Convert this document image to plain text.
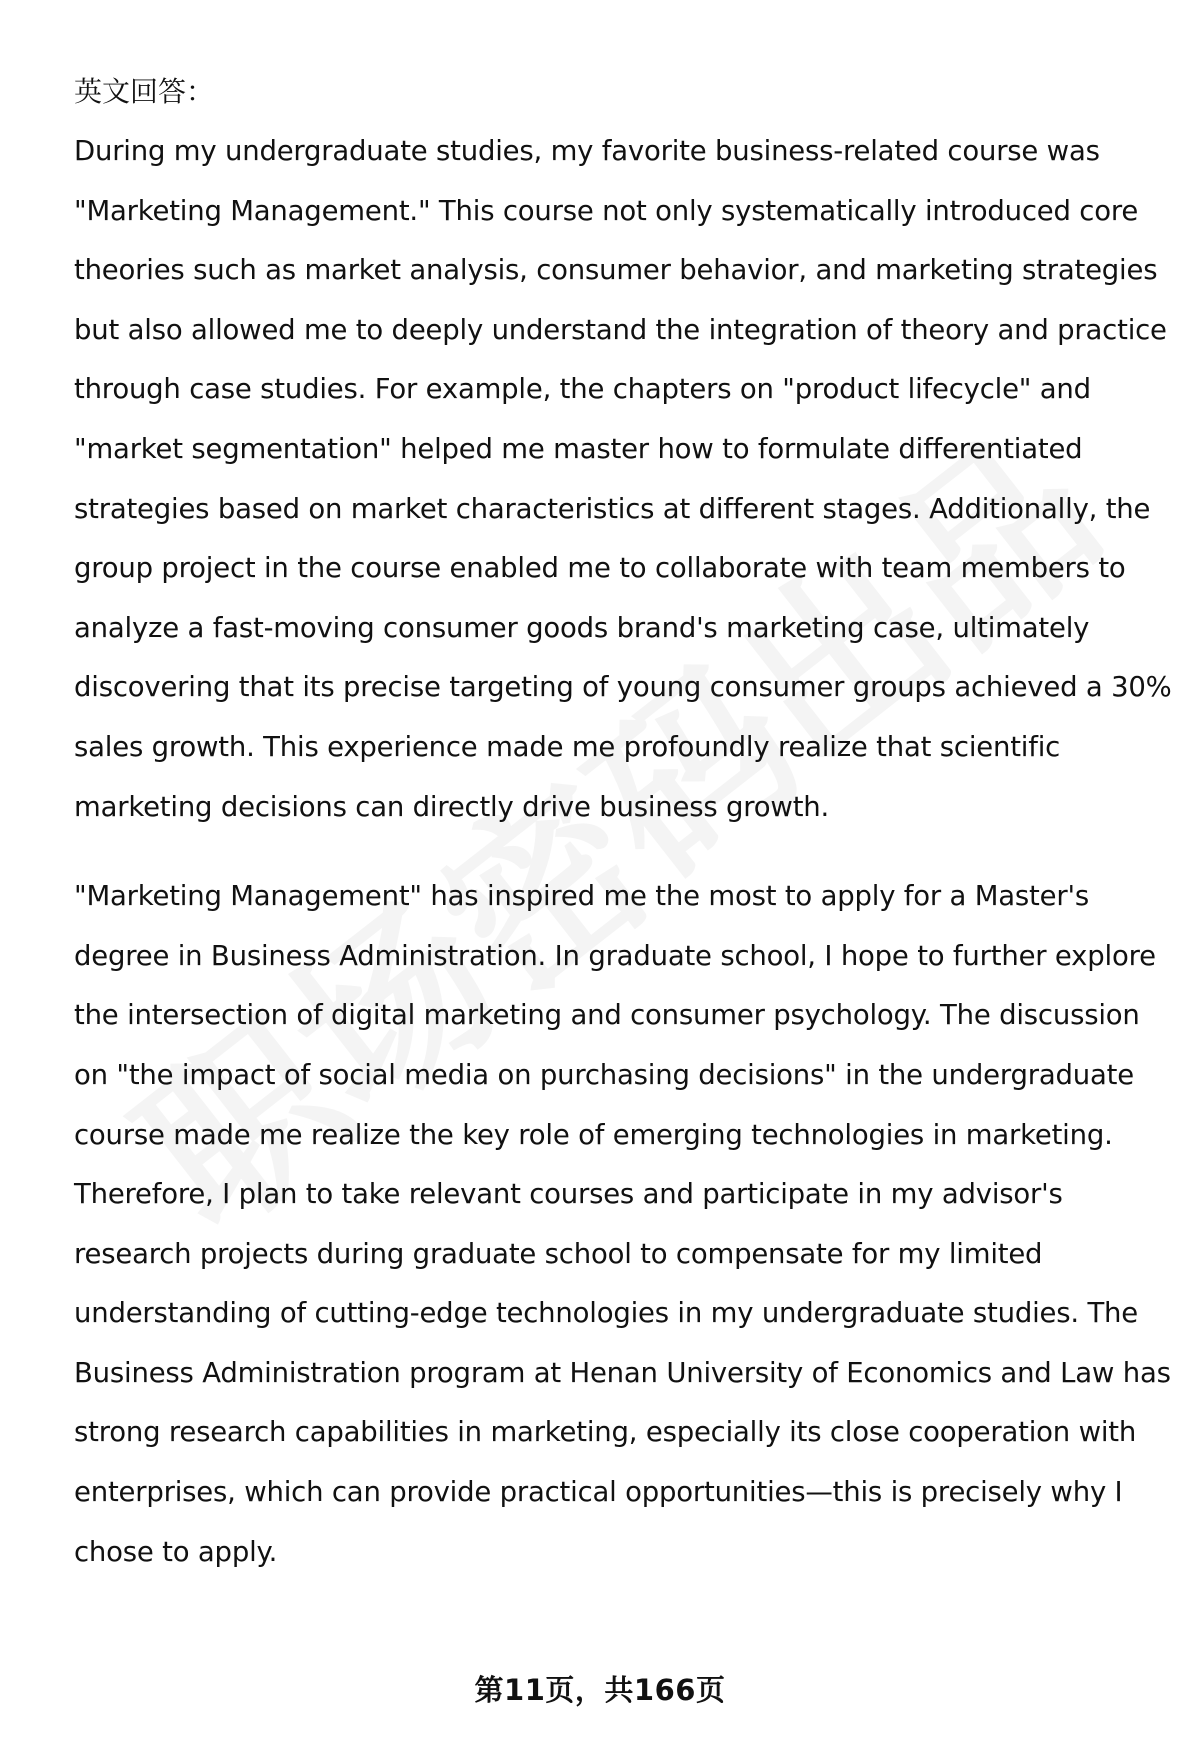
英文回答：

During my undergraduate studies, my favorite business-related course was "Marketing Management." This course not only systematically introduced core theories such as market analysis, consumer behavior, and marketing strategies but also allowed me to deeply understand the integration of theory and practice through case studies. For example, the chapters on "product lifecycle" and "market segmentation" helped me master how to formulate differentiated strategies based on market characteristics at different stages. Additionally, the group project in the course enabled me to collaborate with team members to analyze a fast-moving consumer goods brand's marketing case, ultimately discovering that its precise targeting of young consumer groups achieved a 30% sales growth. This experience made me profoundly realize that scientific marketing decisions can directly drive business growth.

"Marketing Management" has inspired me the most to apply for a Master's degree in Business Administration. In graduate school, I hope to further explore the intersection of digital marketing and consumer psychology. The discussion on "the impact of social media on purchasing decisions" in the undergraduate course made me realize the key role of emerging technologies in marketing. Therefore, I plan to take relevant courses and participate in my advisor's research projects during graduate school to compensate for my limited understanding of cutting-edge technologies in my undergraduate studies. The Business Administration program at Henan University of Economics and Law has strong research capabilities in marketing, especially its close cooperation with enterprises, which can provide practical opportunities—this is precisely why I chose to apply.

第11页，共166页
